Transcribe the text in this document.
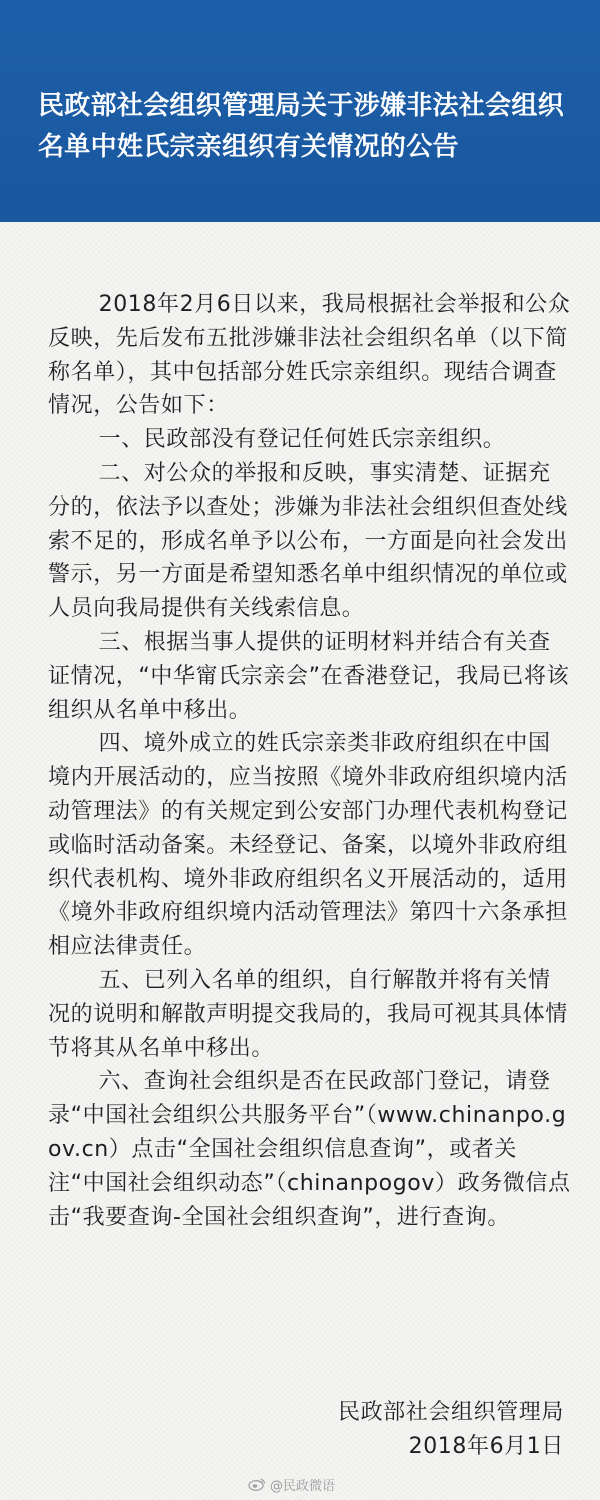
民政部社会组织管理局关于涉嫌非法社会组织名单中姓氏宗亲组织有关情况的公告

2018年2月6日以来，我局根据社会举报和公众反映，先后发布五批涉嫌非法社会组织名单（以下简称名单），其中包括部分姓氏宗亲组织。现结合调查情况，公告如下：

一、民政部没有登记任何姓氏宗亲组织。

二、对公众的举报和反映，事实清楚、证据充分的，依法予以查处；涉嫌为非法社会组织但查处线索不足的，形成名单予以公布，一方面是向社会发出警示，另一方面是希望知悉名单中组织情况的单位或人员向我局提供有关线索信息。

三、根据当事人提供的证明材料并结合有关查证情况，“中华甯氏宗亲会”在香港登记，我局已将该组织从名单中移出。

四、境外成立的姓氏宗亲类非政府组织在中国境内开展活动的，应当按照《境外非政府组织境内活动管理法》的有关规定到公安部门办理代表机构登记或临时活动备案。未经登记、备案，以境外非政府组织代表机构、境外非政府组织名义开展活动的，适用《境外非政府组织境内活动管理法》第四十六条承担相应法律责任。

五、已列入名单的组织，自行解散并将有关情况的说明和解散声明提交我局的，我局可视其具体情节将其从名单中移出。

六、查询社会组织是否在民政部门登记，请登录“中国社会组织公共服务平台”（www.chinanpo.gov.cn）点击“全国社会组织信息查询”，或者关注“中国社会组织动态”（chinanpogov）政务微信点击“我要查询-全国社会组织查询”，进行查询。

民政部社会组织管理局
2018年6月1日
@民政微语
